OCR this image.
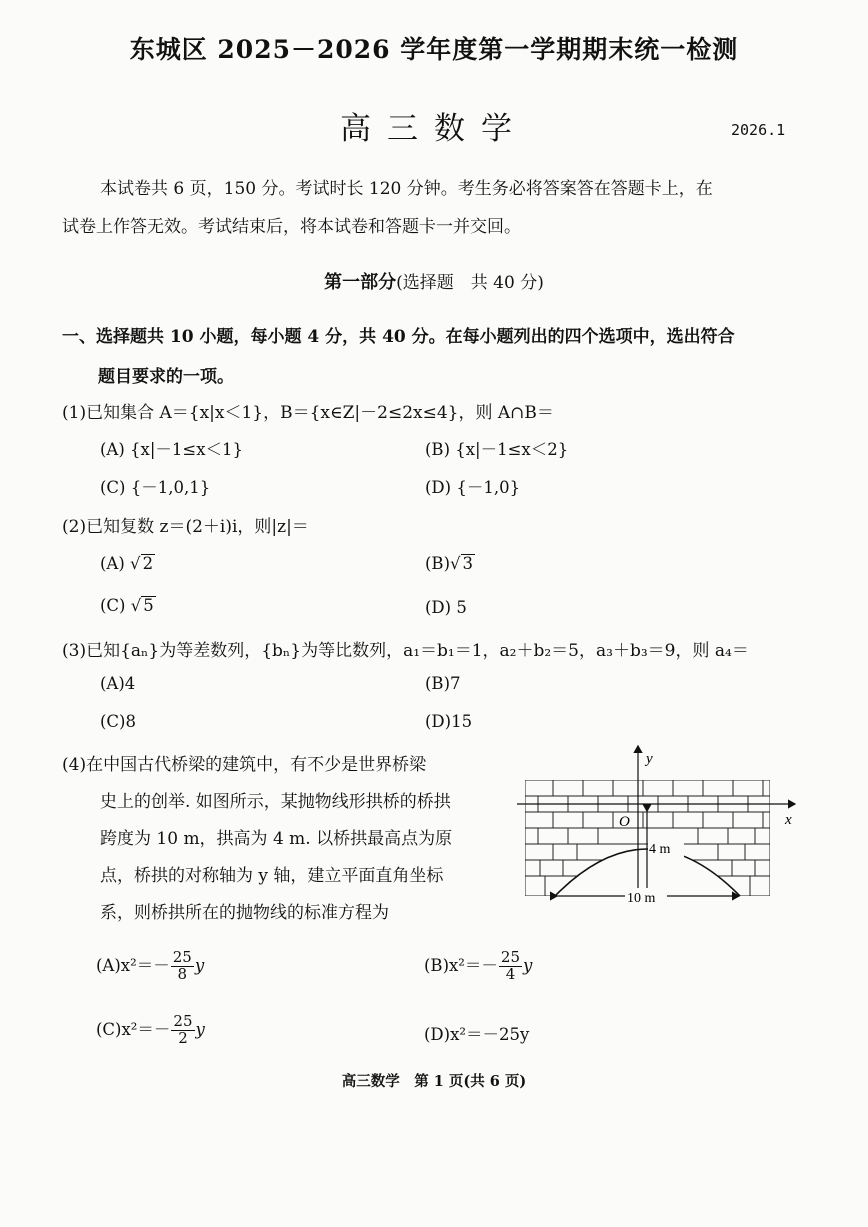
东城区 2025－2026 学年度第一学期期末统一检测
高三数学	2026.1
本试卷共 6 页，150 分。考试时长 120 分钟。考生务必将答案答在答题卡上，在
试卷上作答无效。考试结束后，将本试卷和答题卡一并交回。
第一部分(选择题　共 40 分)
一、选择题共 10 小题，每小题 4 分，共 40 分。在每小题列出的四个选项中，选出符合
题目要求的一项。
(1)已知集合 A＝{x|x＜1}，B＝{x∈Z|－2≤2x≤4}，则 A∩B＝
(A) {x|－1≤x＜1}	(B) {x|－1≤x＜2}
(C) {－1,0,1}	(D) {－1,0}
(2)已知复数 z＝(2＋i)i，则|z|＝
(A) √ 2	(B)√ 3
(C) √ 5	(D) 5
(3)已知{aₙ}为等差数列，{bₙ}为等比数列，a₁＝b₁＝1，a₂＋b₂＝5，a₃＋b₃＝9，则 a₄＝
(A)4	(B)7
(C)8	(D)15
(4)在中国古代桥梁的建筑中，有不少是世界桥梁
史上的创举. 如图所示，某抛物线形拱桥的桥拱
跨度为 10 m，拱高为 4 m. 以桥拱最高点为原
点，桥拱的对称轴为 y 轴，建立平面直角坐标
系，则桥拱所在的抛物线的标准方程为
x
y
O
4 m
10 m
$(A)x^2=- \frac{25}{8}$ y	$(B)x^2=- \frac{25}{4}$ y
$(C)x^2=- \frac{25}{2}$ y	(D)x²＝－25y
高三数学　第 1 页(共 6 页)
